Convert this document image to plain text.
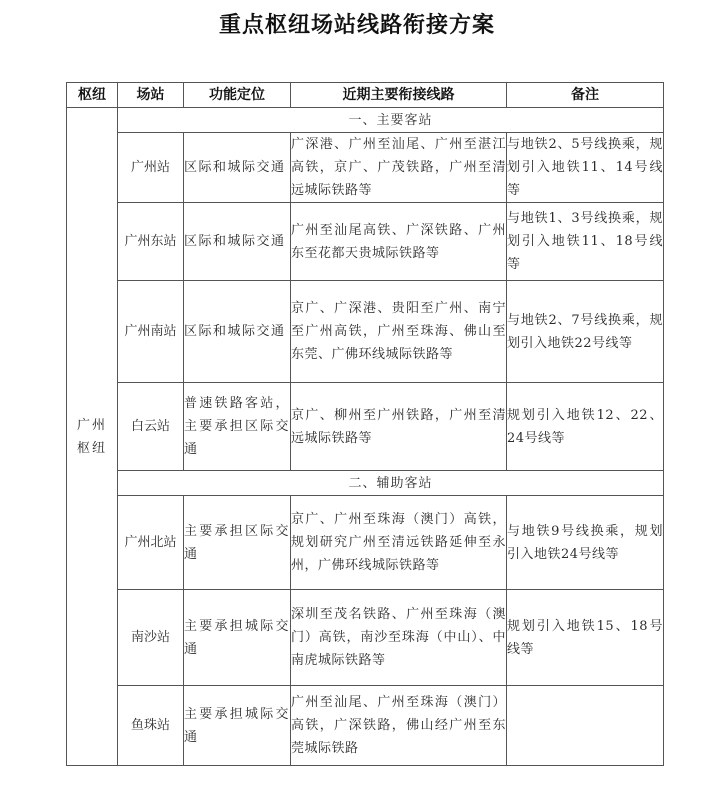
重点枢纽场站线路衔接方案
枢纽	场站	功能定位	近期主要衔接线路	备注
广州
枢纽	一、主要客站			
	广州站	区际和城际交通	广深港、广州至汕尾、广州至湛江高铁，京广、广茂铁路，广州至清远城际铁路等	与地铁2、5号线换乘，规划引入地铁11、14号线等
	广州东站	区际和城际交通	广州至汕尾高铁、广深铁路、广州东至花都天贵城际铁路等	与地铁1、3号线换乘，规划引入地铁11、18号线等
	广州南站	区际和城际交通	京广、广深港、贵阳至广州、南宁至广州高铁，广州至珠海、佛山至东莞、广佛环线城际铁路等	与地铁2、7号线换乘，规划引入地铁22号线等
	白云站	普速铁路客站，主要承担区际交通	京广、柳州至广州铁路，广州至清远城际铁路等	规划引入地铁12、22、24号线等
	二、辅助客站			
	广州北站	主要承担区际交通	京广、广州至珠海（澳门）高铁，规划研究广州至清远铁路延伸至永州，广佛环线城际铁路等	与地铁9号线换乘，规划引入地铁24号线等
	南沙站	主要承担城际交通	深圳至茂名铁路、广州至珠海（澳门）高铁，南沙至珠海（中山）、中南虎城际铁路等	规划引入地铁15、18号线等
	鱼珠站	主要承担城际交通	广州至汕尾、广州至珠海（澳门）高铁，广深铁路，佛山经广州至东莞城际铁路	
